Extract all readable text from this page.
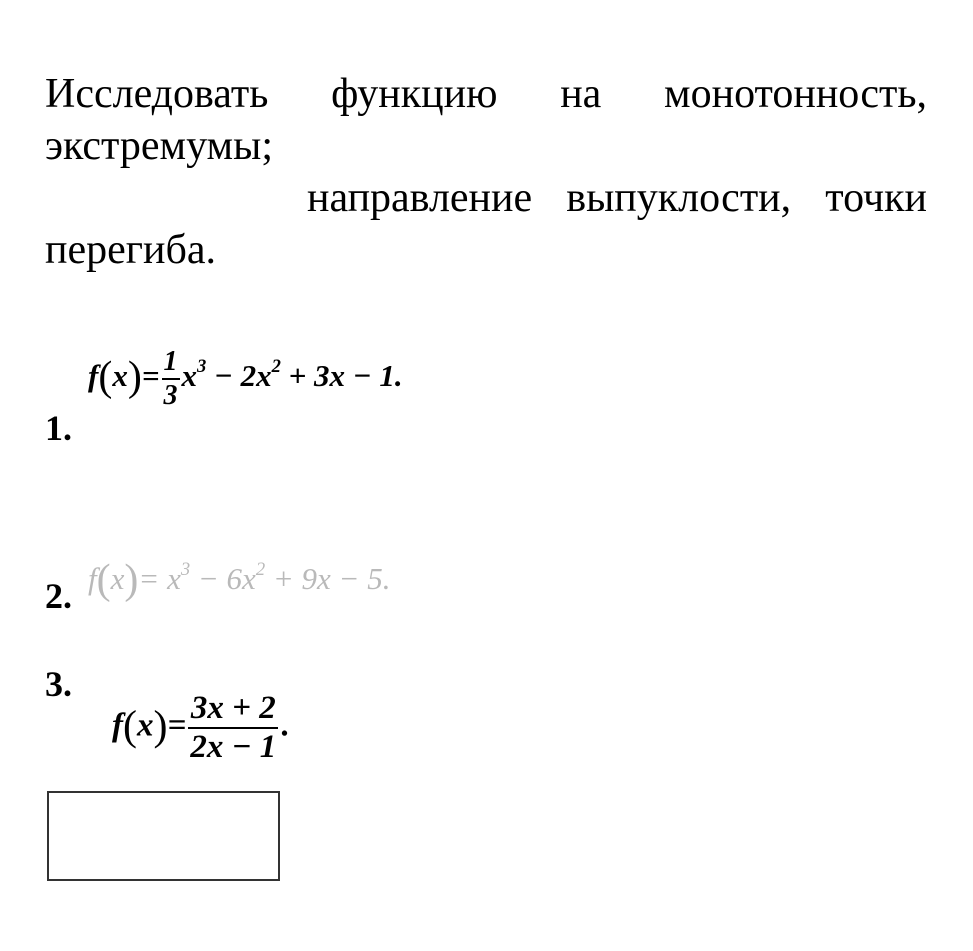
Исследовать функцию на монотонность,
экстремумы;
направление выпуклости, точки
перегиба.
1.
$f(x)= \frac{1}{3} x^3 - 2x^2 + 3x - 1$.
2. $f(x)= x^3 - 6x^2 + 9x - 5$.
3.
$f(x)= \frac{3x + 2}{2x - 1}$ .
